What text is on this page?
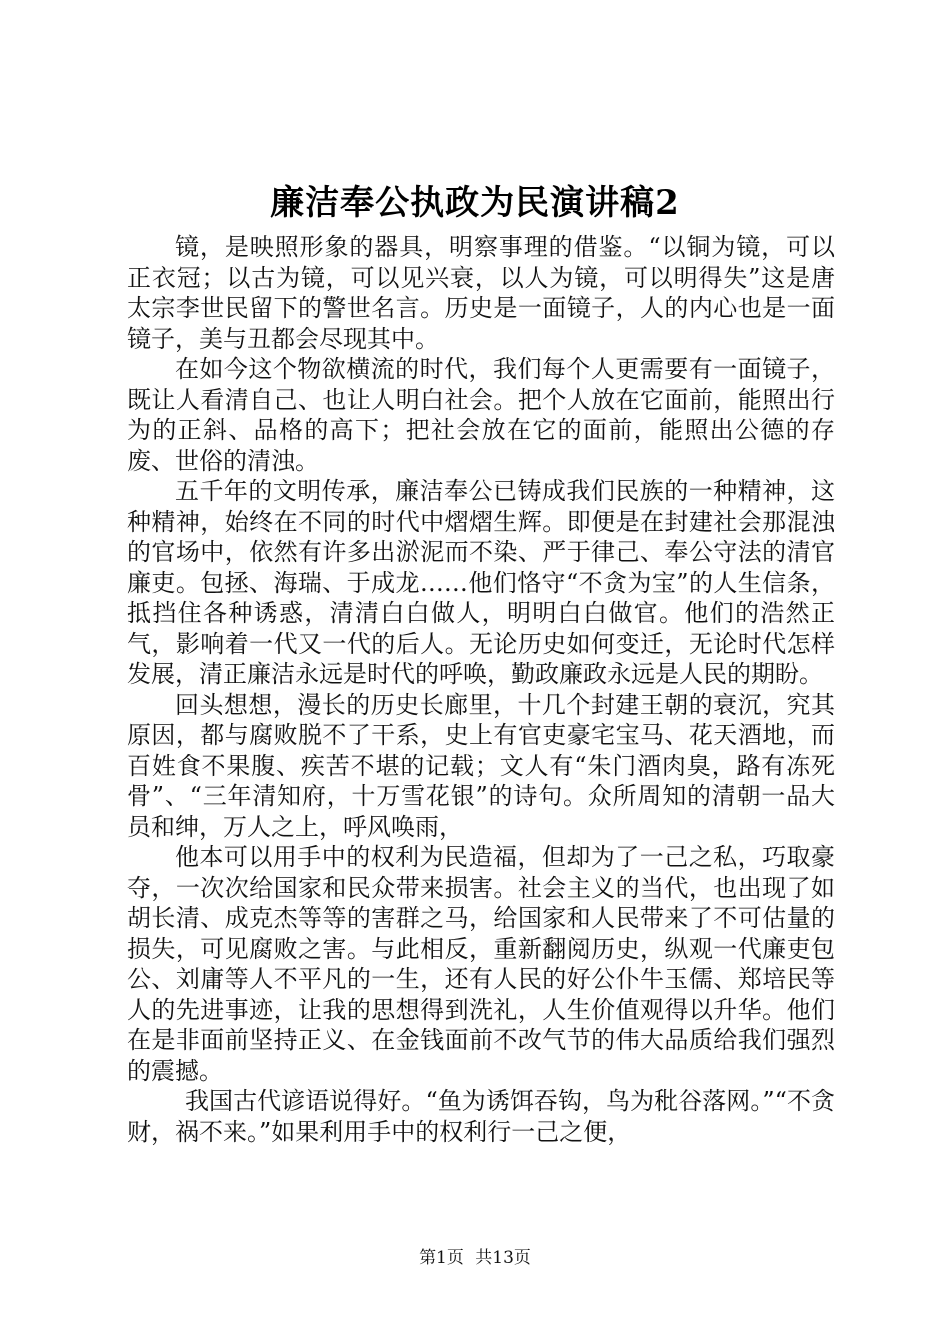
廉洁奉公执政为民演讲稿2

镜，是映照形象的器具，明察事理的借鉴。“以铜为镜，可以正衣冠；以古为镜，可以见兴衰，以人为镜，可以明得失”这是唐太宗李世民留下的警世名言。历史是一面镜子，人的内心也是一面镜子，美与丑都会尽现其中。

在如今这个物欲横流的时代，我们每个人更需要有一面镜子，既让人看清自己、也让人明白社会。把个人放在它面前，能照出行为的正斜、品格的高下；把社会放在它的面前，能照出公德的存废、世俗的清浊。

五千年的文明传承，廉洁奉公已铸成我们民族的一种精神，这种精神，始终在不同的时代中熠熠生辉。即便是在封建社会那混浊的官场中，依然有许多出淤泥而不染、严于律己、奉公守法的清官廉吏。包拯、海瑞、于成龙……他们恪守“不贪为宝”的人生信条，抵挡住各种诱惑，清清白白做人，明明白白做官。他们的浩然正气，影响着一代又一代的后人。无论历史如何变迁，无论时代怎样发展，清正廉洁永远是时代的呼唤，勤政廉政永远是人民的期盼。

回头想想，漫长的历史长廊里，十几个封建王朝的衰沉，究其原因，都与腐败脱不了干系，史上有官吏豪宅宝马、花天酒地，而百姓食不果腹、疾苦不堪的记载；文人有“朱门酒肉臭，路有冻死骨”、“三年清知府，十万雪花银”的诗句。众所周知的清朝一品大员和绅，万人之上，呼风唤雨，

他本可以用手中的权利为民造福，但却为了一己之私，巧取豪夺，一次次给国家和民众带来损害。社会主义的当代，也出现了如胡长清、成克杰等等的害群之马，给国家和人民带来了不可估量的损失，可见腐败之害。与此相反，重新翻阅历史，纵观一代廉吏包公、刘庸等人不平凡的一生，还有人民的好公仆牛玉儒、郑培民等人的先进事迹，让我的思想得到洗礼，人生价值观得以升华。他们在是非面前坚持正义、在金钱面前不改气节的伟大品质给我们强烈的震撼。

我国古代谚语说得好。“鱼为诱饵吞钩，鸟为秕谷落网。”“不贪财，祸不来。”如果利用手中的权利行一己之便，

第1页 共13页
